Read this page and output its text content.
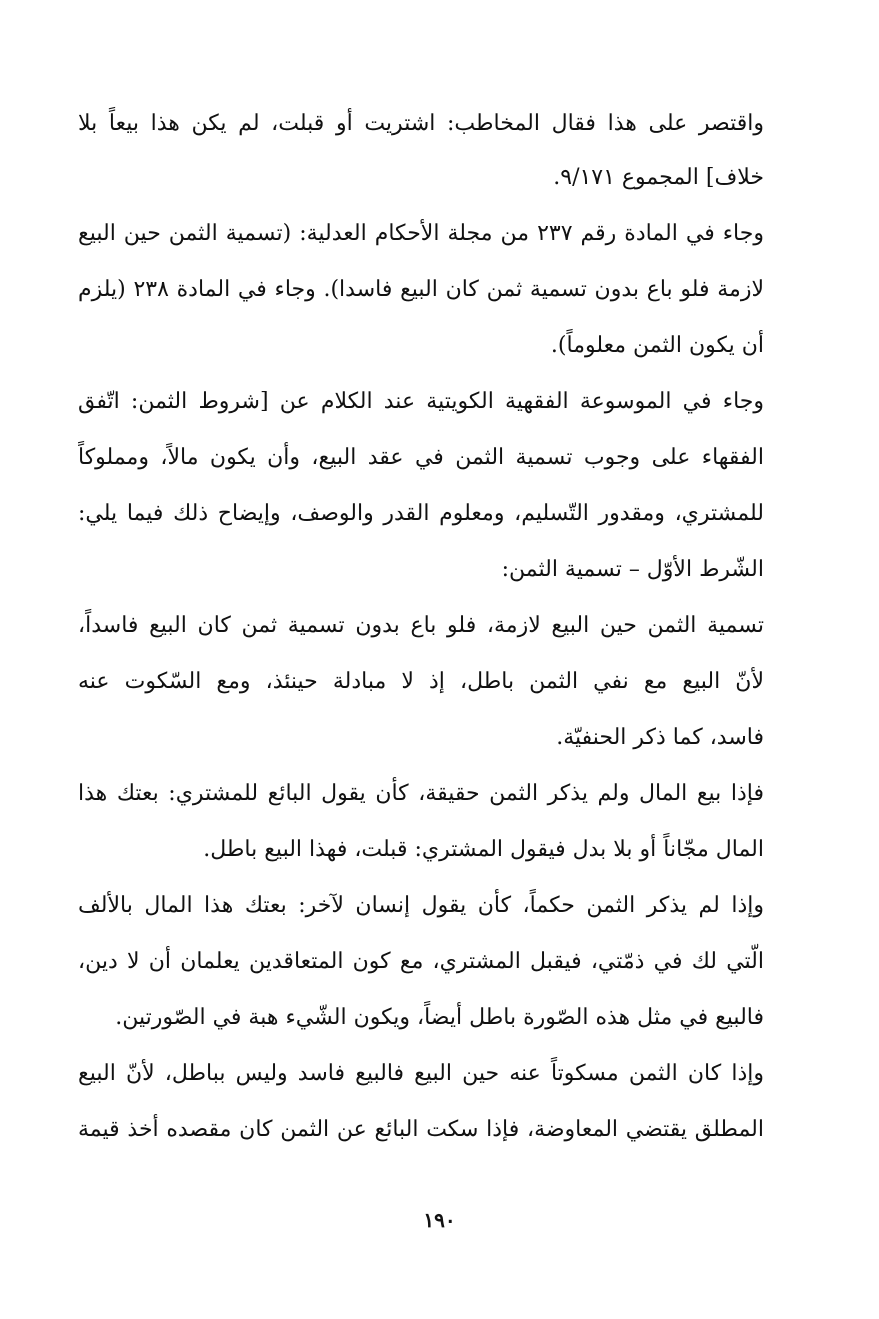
واقتصر على هذا فقال المخاطب: اشتريت أو قبلت، لم يكن هذا بيعاً بلا
خلاف] المجموع ٩/١٧١.
وجاء في المادة رقم ٢٣٧ من مجلة الأحكام العدلية: (تسمية الثمن حين البيع
لازمة فلو باع بدون تسمية ثمن كان البيع فاسدا). وجاء في المادة ٢٣٨ (يلزم
أن يكون الثمن معلوماً).
وجاء في الموسوعة الفقهية الكويتية عند الكلام عن [شروط الثمن: اتّفق
الفقهاء على وجوب تسمية الثمن في عقد البيع، وأن يكون مالاً، ومملوكاً
للمشتري، ومقدور التّسليم، ومعلوم القدر والوصف، وإيضاح ذلك فيما يلي:
الشّرط الأوّل – تسمية الثمن:
تسمية الثمن حين البيع لازمة، فلو باع بدون تسمية ثمن كان البيع فاسداً،
لأنّ البيع مع نفي الثمن باطل، إذ لا مبادلة حينئذ، ومع السّكوت عنه
فاسد، كما ذكر الحنفيّة.
فإذا بيع المال ولم يذكر الثمن حقيقة، كأن يقول البائع للمشتري: بعتك هذا
المال مجّاناً أو بلا بدل فيقول المشتري: قبلت، فهذا البيع باطل.
وإذا لم يذكر الثمن حكماً، كأن يقول إنسان لآخر: بعتك هذا المال بالألف
الّتي لك في ذمّتي، فيقبل المشتري، مع كون المتعاقدين يعلمان أن لا دين،
فالبيع في مثل هذه الصّورة باطل أيضاً، ويكون الشّيء هبة في الصّورتين.
وإذا كان الثمن مسكوتاً عنه حين البيع فالبيع فاسد وليس بباطل، لأنّ البيع
المطلق يقتضي المعاوضة، فإذا سكت البائع عن الثمن كان مقصده أخذ قيمة
١٩٠
